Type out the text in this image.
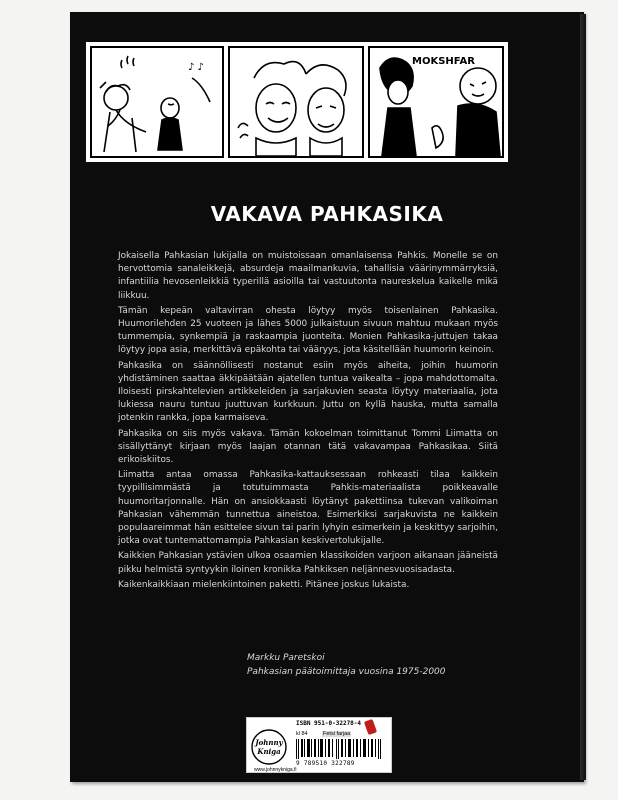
♪ ♪
MOKSHFAR
VAKAVA PAHKASIKA

Jokaisella Pahkasian lukijalla on muistoissaan omanlaisensa Pahkis. Monelle se on hervottomia sanaleikkejä, absurdeja maailmankuvia, tahallisia väärinymmärryksiä, infantiilia hevosenleikkiä typerillä asioilla tai vastuutonta naureskelua kaikelle mikä liikkuu.

Tämän kepeän valtavirran ohesta löytyy myös toisenlainen Pahkasika. Huumorilehden 25 vuoteen ja lähes 5000 julkaistuun sivuun mahtuu mukaan myös tummempia, synkempiä ja raskaampia juonteita. Monien Pahkasika-juttujen takaa löytyy jopa asia, merkittävä epäkohta tai vääryys, jota käsitellään huumorin keinoin.

Pahkasika on säännöllisesti nostanut esiin myös aiheita, joihin huumorin yhdistäminen saattaa äkkipäätään ajatellen tuntua vaikealta – jopa mahdottomalta. Iloisesti pirskahtelevien artikkeleiden ja sarjakuvien seasta löytyy materiaalia, jota lukiessa nauru tuntuu juuttuvan kurkkuun. Juttu on kyllä hauska, mutta samalla jotenkin rankka, jopa karmaiseva.

Pahkasika on siis myös vakava. Tämän kokoelman toimittanut Tommi Liimatta on sisällyttänyt kirjaan myös laajan otannan tätä vakavampaa Pahkasikaa. Siitä erikoiskiitos.

Liimatta antaa omassa Pahkasika-kattauksessaan rohkeasti tilaa kaikkein tyypillisimmästä ja totutuimmasta Pahkis-materiaalista poikkeavalle huumoritarjonnalle. Hän on ansiokkaasti löytänyt pakettiinsa tukevan valikoiman Pahkasian vähemmän tunnettua aineistoa. Esimerkiksi sarjakuvista ne kaikkein populaareimmat hän esittelee sivun tai parin lyhyin esimerkein ja keskittyy sarjoihin, jotka ovat tuntemattomampia Pahkasian keskivertolukijalle.

Kaikkien Pahkasian ystävien ulkoa osaamien klassikoiden varjoon aikanaan jääneistä pikku helmistä syntyykin iloinen kronikka Pahkiksen neljännesvuosisadasta.

Kaikenkaikkiaan mielenkiintoinen paketti. Pitänee joskus lukaista.

Markku Paretskoi
Pahkasian päätoimittaja vuosina 1975-2000
Johnny
Kniga
ISBN 951-0-32278-4
kl 84	Fetsi farjaa
9 789510 322789
www.johnnykniga.fi
